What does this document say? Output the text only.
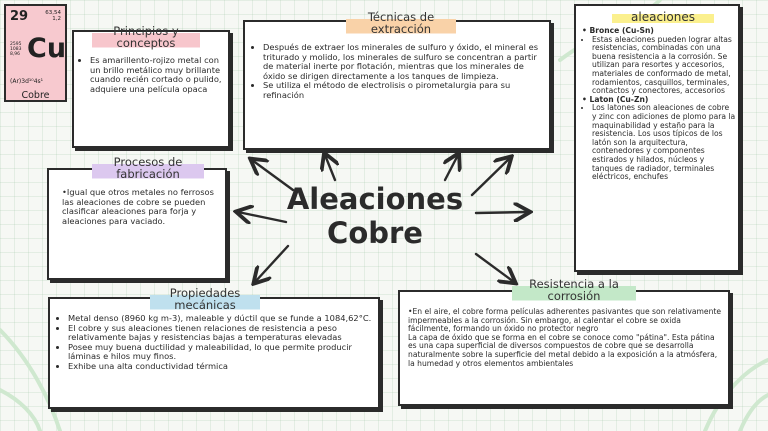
29	63,54
1,2
2595
1083
8,96 Cu
(Ar)3d¹⁰4s¹
Cobre
Principios y conceptos
• Es amarillento-rojizo metal con un brillo metálico muy brillante cuando recién cortado o pulido, adquiere una película opaca
Técnicas de extracción
• Después de extraer los minerales de sulfuro y óxido, el mineral es triturado y molido, los minerales de sulfuro se concentran a partir de material inerte por flotación, mientras que los minerales de óxido se dirigen directamente a los tanques de limpieza.
• Se utiliza el método de electrolisis o pirometalurgia para su refinación
aleaciones
• Bronce (Cu-Sn)
• Estas aleaciones pueden lograr altas resistencias, combinadas con una buena resistencia a la corrosión. Se utilizan para resortes y accesorios, materiales de conformado de metal, rodamientos, casquillos, terminales, contactos y conectores, accesorios
• Laton (Cu-Zn)
• Los latones son aleaciones de cobre y zinc con adiciones de plomo para la maquinabilidad y estaño para la resistencia. Los usos típicos de los latón son la arquitectura, contenedores y componentes estirados y hilados, núcleos y tanques de radiador, terminales eléctricos, enchufes
Procesos de fabricación
•Igual que otros metales no ferrosos las aleaciones de cobre se pueden clasificar aleaciones para forja y aleaciones para vaciado.
Aleaciones
Cobre
Propiedades mecánicas
• Metal denso (8960 kg m-3), maleable y dúctil que se funde a 1084,62°C.
• El cobre y sus aleaciones tienen relaciones de resistencia a peso relativamente bajas y resistencias bajas a temperaturas elevadas
• Posee muy buena ductilidad y maleabilidad, lo que permite producir láminas e hilos muy finos.
• Exhibe una alta conductividad térmica
Resistencia a la corrosión
•En el aire, el cobre forma películas adherentes pasivantes que son relativamente impermeables a la corrosión. Sin embargo, al calentar el cobre se oxida fácilmente, formando un óxido no protector negro
La capa de óxido que se forma en el cobre se conoce como "pátina". Esta pátina es una capa superficial de diversos compuestos de cobre que se desarrolla naturalmente sobre la superficie del metal debido a la exposición a la atmósfera, la humedad y otros elementos ambientales
